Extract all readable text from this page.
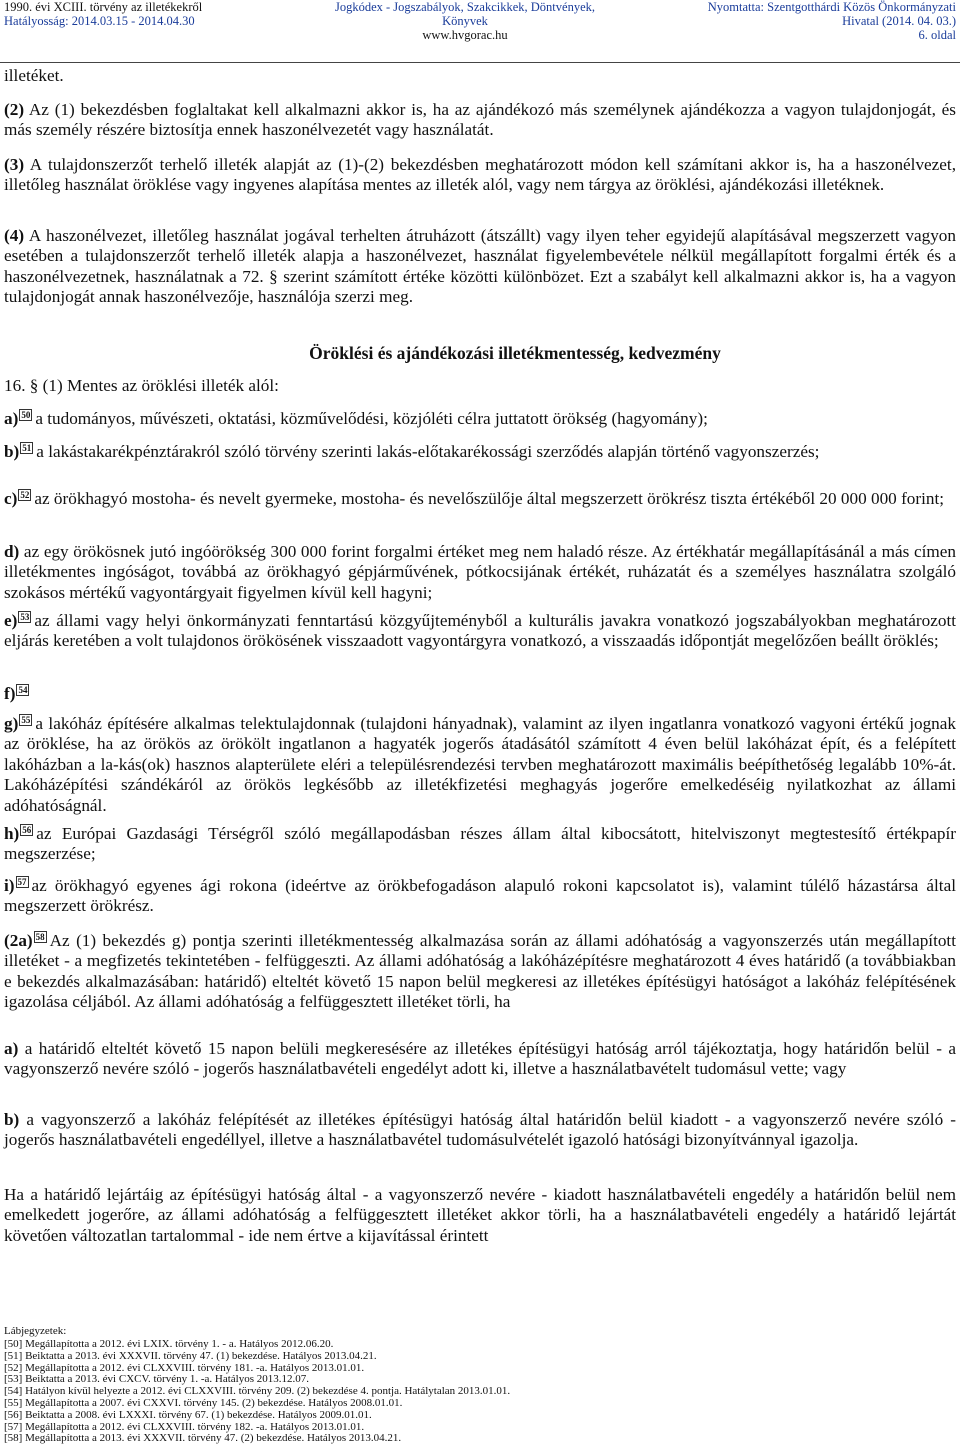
1990. évi XCIII. törvény az illetékekről
Hatályosság: 2014.03.15 - 2014.04.30
Jogkódex - Jogszabályok, Szakcikkek, Döntvények,
Könyvek
www.hvgorac.hu
Nyomtatta: Szentgotthárdi Közös Önkormányzati
Hivatal (2014. 04. 03.)
6. oldal
illetéket.
(2) Az (1) bekezdésben foglaltakat kell alkalmazni akkor is, ha az ajándékozó más személynek ajándékozza a vagyon tulajdonjogát, és más személy részére biztosítja ennek haszonélvezetét vagy használatát.
(3) A tulajdonszerzőt terhelő illeték alapját az (1)-(2) bekezdésben meghatározott módon kell számítani akkor is, ha a haszonélvezet, illetőleg használat öröklése vagy ingyenes alapítása mentes az illeték alól, vagy nem tárgya az öröklési, ajándékozási illetéknek.
(4) A haszonélvezet, illetőleg használat jogával terhelten átruházott (átszállt) vagy ilyen teher egyidejű alapításával megszerzett vagyon esetében a tulajdonszerzőt terhelő illeték alapja a haszonélvezet, használat figyelembevétele nélkül megállapított forgalmi érték és a haszonélvezetnek, használatnak a 72. § szerint számított értéke közötti különbözet. Ezt a szabályt kell alkalmazni akkor is, ha a vagyon tulajdonjogát annak haszonélvezője, használója szerzi meg.
Öröklési és ajándékozási illetékmentesség, kedvezmény
16. § (1) Mentes az öröklési illeték alól:
a) 50 a tudományos, művészeti, oktatási, közművelődési, közjóléti célra juttatott örökség (hagyomány);
b) 51 a lakástakarékpénztárakról szóló törvény szerinti lakás-előtakarékossági szerződés alapján történő vagyonszerzés;
c) 52 az örökhagyó mostoha- és nevelt gyermeke, mostoha- és nevelőszülője által megszerzett örökrész tiszta értékéből 20 000 000 forint;
d) az egy örökösnek jutó ingóörökség 300 000 forint forgalmi értéket meg nem haladó része. Az értékhatár megállapításánál a más címen illetékmentes ingóságot, továbbá az örökhagyó gépjárművének, pótkocsijának értékét, ruházatát és a személyes használatra szolgáló szokásos mértékű vagyontárgyait figyelmen kívül kell hagyni;
e) 53 az állami vagy helyi önkormányzati fenntartású közgyűjteményből a kulturális javakra vonatkozó jogszabályokban meghatározott eljárás keretében a volt tulajdonos örökösének visszaadott vagyontárgyra vonatkozó, a visszaadás időpontját megelőzően beállt öröklés;
f) 54
g) 55 a lakóház építésére alkalmas telektulajdonnak (tulajdoni hányadnak), valamint az ilyen ingatlanra vonatkozó vagyoni értékű jognak az öröklése, ha az örökös az örökölt ingatlanon a hagyaték jogerős átadásától számított 4 éven belül lakóházat épít, és a felépített lakóházban a la-kás(ok) hasznos alapterülete eléri a településrendezési tervben meghatározott maximális beépíthetőség legalább 10%-át. Lakóházépítési szándékáról az örökös legkésőbb az illetékfizetési meghagyás jogerőre emelkedéséig nyilatkozhat az állami adóhatóságnál.
h) 56 az Európai Gazdasági Térségről szóló megállapodásban részes állam által kibocsátott, hitelviszonyt megtestesítő értékpapír megszerzése;
i) 57 az örökhagyó egyenes ági rokona (ideértve az örökbefogadáson alapuló rokoni kapcsolatot is), valamint túlélő házastársa által megszerzett örökrész.
(2a) 58 Az (1) bekezdés g) pontja szerinti illetékmentesség alkalmazása során az állami adóhatóság a vagyonszerzés után megállapított illetéket - a megfizetés tekintetében - felfüggeszti. Az állami adóhatóság a lakóházépítésre meghatározott 4 éves határidő (a továbbiakban e bekezdés alkalmazásában: határidő) elteltét követő 15 napon belül megkeresi az illetékes építésügyi hatóságot a lakóház felépítésének igazolása céljából. Az állami adóhatóság a felfüggesztett illetéket törli, ha
a) a határidő elteltét követő 15 napon belüli megkeresésére az illetékes építésügyi hatóság arról tájékoztatja, hogy határidőn belül - a vagyonszerző nevére szóló - jogerős használatbavételi engedélyt adott ki, illetve a használatbavételt tudomásul vette; vagy
b) a vagyonszerző a lakóház felépítését az illetékes építésügyi hatóság által határidőn belül kiadott - a vagyonszerző nevére szóló - jogerős használatbavételi engedéllyel, illetve a használatbavétel tudomásulvételét igazoló hatósági bizonyítvánnyal igazolja.
Ha a határidő lejártáig az építésügyi hatóság által - a vagyonszerző nevére - kiadott használatbavételi engedély a határidőn belül nem emelkedett jogerőre, az állami adóhatóság a felfüggesztett illetéket akkor törli, ha a használatbavételi engedély a határidő lejártát követően változatlan tartalommal - ide nem értve a kijavítással érintett
Lábjegyzetek:
[50] Megállapította a 2012. évi LXIX. törvény 1. - a. Hatályos 2012.06.20.
[51] Beiktatta a 2013. évi XXXVII. törvény 47. (1) bekezdése. Hatályos 2013.04.21.
[52] Megállapította a 2012. évi CLXXVIII. törvény 181. -a. Hatályos 2013.01.01.
[53] Beiktatta a 2013. évi CXCV. törvény 1. -a. Hatályos 2013.12.07.
[54] Hatályon kívül helyezte a 2012. évi CLXXVIII. törvény 209. (2) bekezdése 4. pontja. Hatálytalan 2013.01.01.
[55] Megállapította a 2007. évi CXXVI. törvény 145. (2) bekezdése. Hatályos 2008.01.01.
[56] Beiktatta a 2008. évi LXXXI. törvény 67. (1) bekezdése. Hatályos 2009.01.01.
[57] Megállapította a 2012. évi CLXXVIII. törvény 182. -a. Hatályos 2013.01.01.
[58] Megállapította a 2013. évi XXXVII. törvény 47. (2) bekezdése. Hatályos 2013.04.21.
